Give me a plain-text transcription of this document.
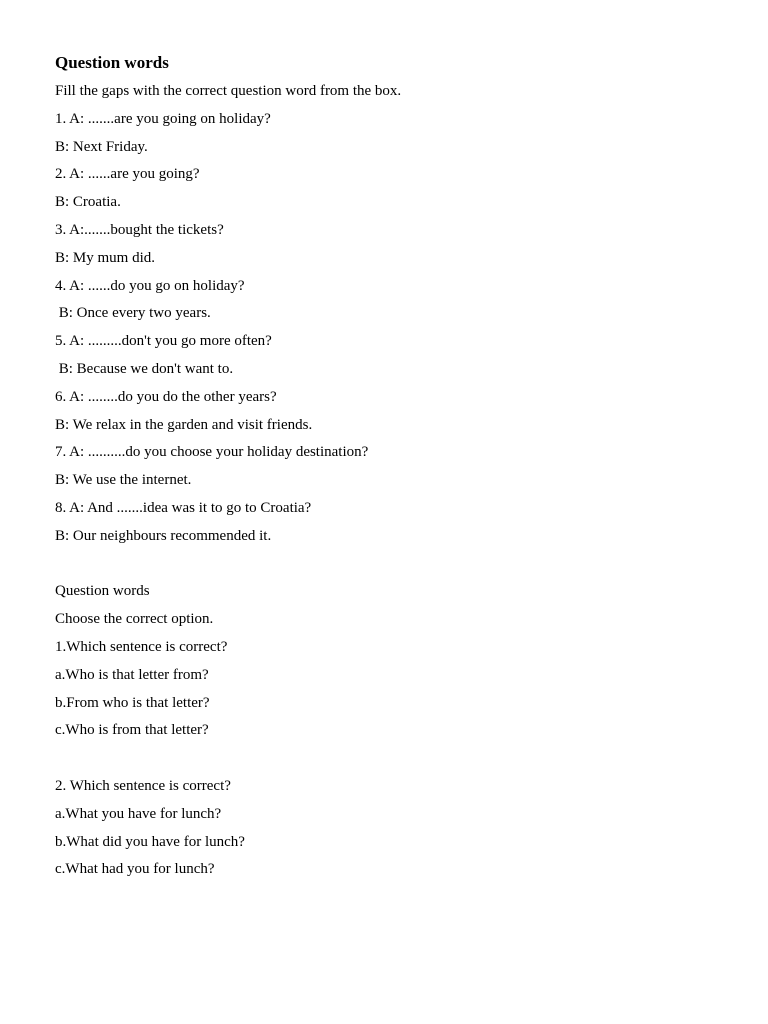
Question words
Fill the gaps with the correct question word from the box.
1. A: .......are you going on holiday?
B: Next Friday.
2. A: ......are you going?
B: Croatia.
3. A:.......bought the tickets?
B: My mum did.
4. A: ......do you go on holiday?
B: Once every two years.
5. A: .........don't you go more often?
B: Because we don't want to.
6. A: ........do you do the other years?
B: We relax in the garden and visit friends.
7. A: ..........do you choose your holiday destination?
B: We use the internet.
8. A: And .......idea was it to go to Croatia?
B: Our neighbours recommended it.
Question words
Choose the correct option.
1.Which sentence is correct?
a.Who is that letter from?
b.From who is that letter?
c.Who is from that letter?
2. Which sentence is correct?
a.What you have for lunch?
b.What did you have for lunch?
c.What had you for lunch?
